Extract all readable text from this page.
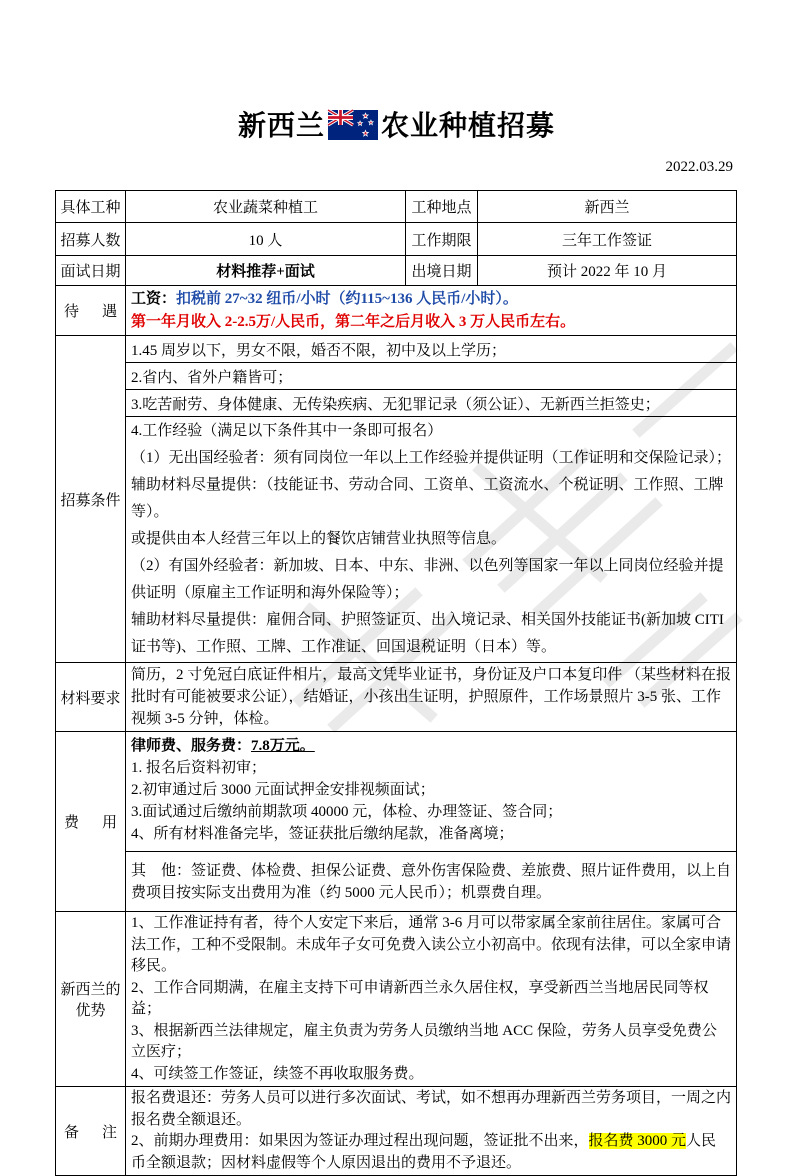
新西兰 农业种植招募
2022.03.29
具体工种	农业蔬菜种植工	工种地点	新西兰
招募人数	10 人	工作期限	三年工作签证
面试日期	材料推荐+面试	出境日期	预计 2022 年 10 月
待遇	工资：扣税前 27~32 纽币/小时（约115~136 人民币/小时）。
第一年月收入 2-2.5万/人民币，第二年之后月收入 3 万人民币左右。		

招募条件	1.45 周岁以下，男女不限，婚否不限，初中及以上学历；		
	2.省内、省外户籍皆可；		
	3.吃苦耐劳、身体健康、无传染疾病、无犯罪记录（须公证）、无新西兰拒签史；		

4.工作经验（满足以下条件其中一条即可报名）
（1）无出国经验者：须有同岗位一年以上工作经验并提供证明（工作证明和交保险记录）；
辅助材料尽量提供：（技能证书、劳动合同、工资单、工资流水、个税证明、工作照、工牌等）。
或提供由本人经营三年以上的餐饮店铺营业执照等信息。
（2）有国外经验者：新加坡、日本、中东、非洲、以色列等国家一年以上同岗位经验并提供证明（原雇主工作证明和海外保险等）；
辅助材料尽量提供：雇佣合同、护照签证页、出入境记录、相关国外技能证书(新加坡 CITI 证书等)、工作照、工牌、工作准证、回国退税证明（日本）等。

材料要求	简历，2 寸免冠白底证件相片，最高文凭毕业证书，身份证及户口本复印件 （某些材料在报批时有可能被要求公证），结婚证，小孩出生证明，护照原件，工作场景照片 3-5 张、工作视频 3-5 分钟，体检。		
费用	律师费、服务费：7.8万元。
1. 报名后资料初审；
2.初审通过后 3000 元面试押金安排视频面试；
3.面试通过后缴纳前期款项 40000 元，体检、办理签证、签合同；
4、所有材料准备完毕，签证获批后缴纳尾款，准备离境；		

	其　他：签证费、体检费、担保公证费、意外伤害保险费、差旅费、照片证件费用，以上自费项目按实际支出费用为准（约 5000 元人民币）；机票费自理。		
新西兰的优势	1、工作准证持有者，待个人安定下来后，通常 3-6 月可以带家属全家前往居住。家属可合法工作，工种不受限制。未成年子女可免费入读公立小初高中。依现有法律，可以全家申请移民。
2、工作合同期满，在雇主支持下可申请新西兰永久居住权，享受新西兰当地居民同等权益；
3、根据新西兰法律规定，雇主负责为劳务人员缴纳当地 ACC 保险，劳务人员享受免费公立医疗；
4、可续签工作签证，续签不再收取服务费。		

备注	报名费退还：劳务人员可以进行多次面试、考试，如不想再办理新西兰劳务项目，一周之内报名费全额退还。
2、前期办理费用：如果因为签证办理过程出现问题，签证批不出来，报名费 3000 元人民币全额退款；因材料虚假等个人原因退出的费用不予退还。		
